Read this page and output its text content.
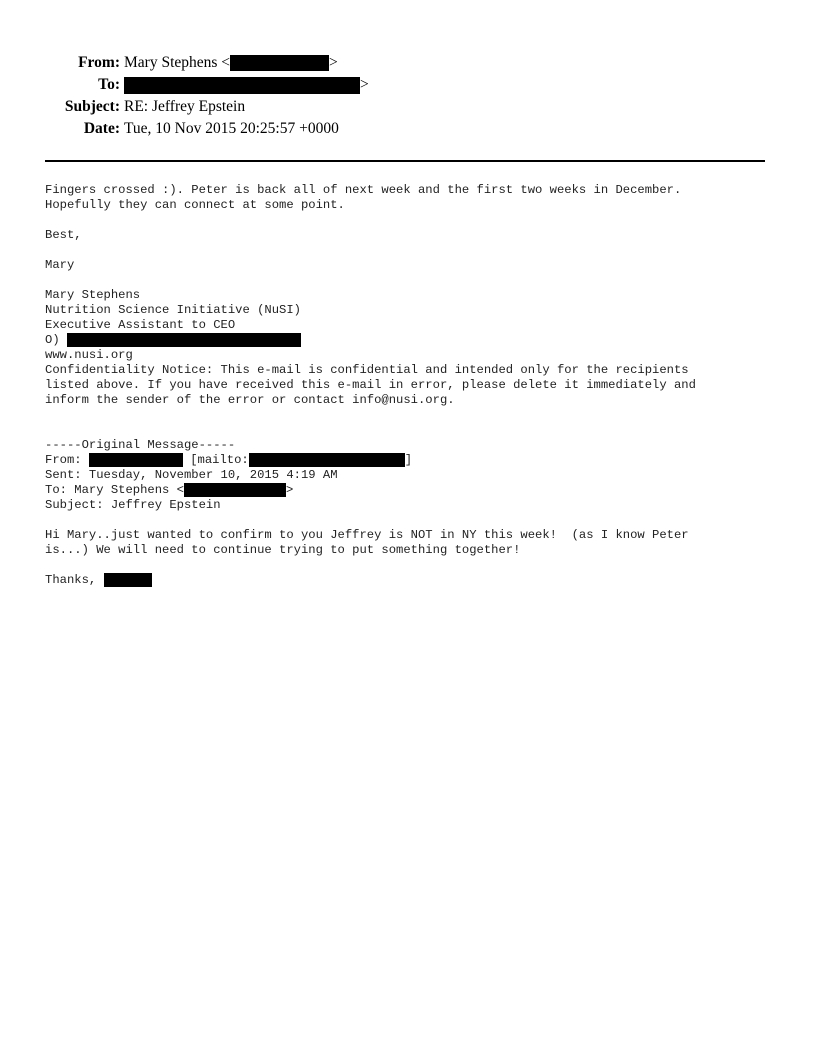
From: Mary Stephens <	>
To:	>
Subject: RE: Jeffrey Epstein
Date: Tue, 10 Nov 2015 20:25:57 +0000
Fingers crossed :). Peter is back all of next week and the first two weeks in December.
Hopefully they can connect at some point.
Best,
Mary
Mary Stephens
Nutrition Science Initiative (NuSI)
Executive Assistant to CEO
O)
www.nusi.org
Confidentiality Notice: This e-mail is confidential and intended only for the recipients
listed above. If you have received this e-mail in error, please delete it immediately and
inform the sender of the error or contact info@nusi.org.
-----Original Message-----
From:	[mailto:	]
Sent: Tuesday, November 10, 2015 4:19 AM
To: Mary Stephens <	>
Subject: Jeffrey Epstein
Hi Mary..just wanted to confirm to you Jeffrey is NOT in NY this week!  (as I know Peter
is...) We will need to continue trying to put something together!
Thanks,
